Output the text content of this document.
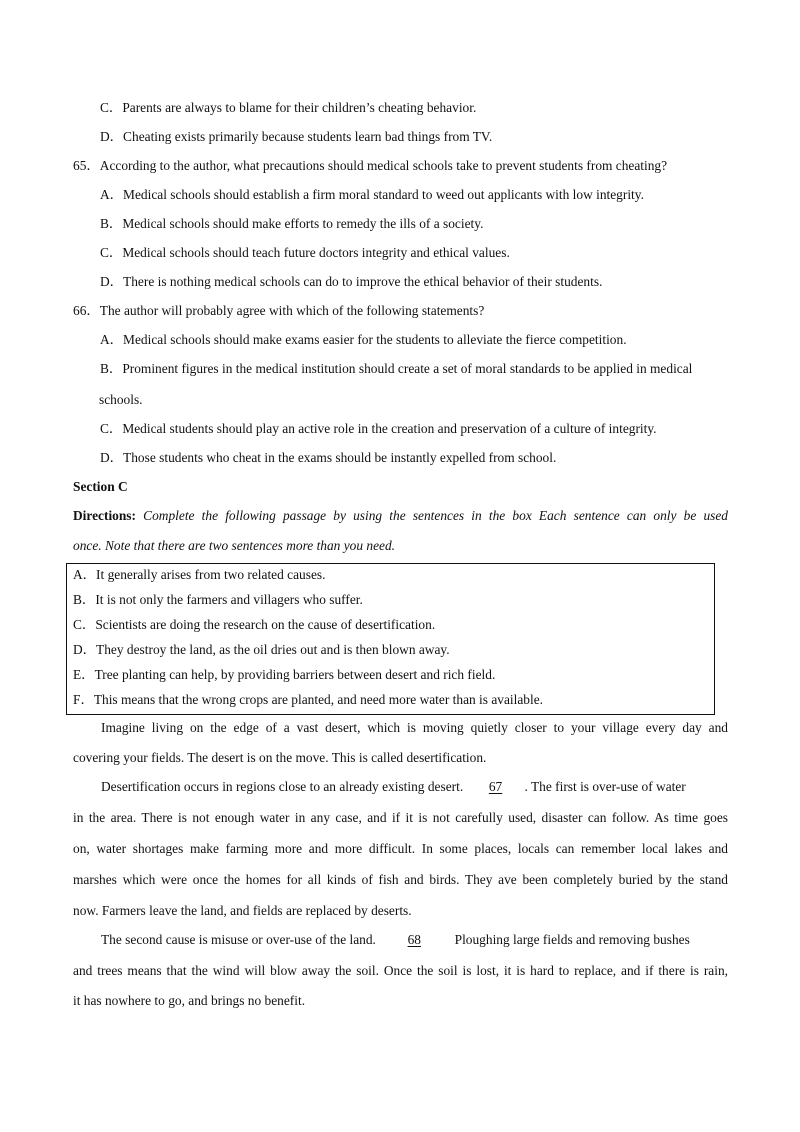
C．Parents are always to blame for their children’s cheating behavior.
D．Cheating exists primarily because students learn bad things from TV.
65．According to the author, what precautions should medical schools take to prevent students from cheating?
A．Medical schools should establish a firm moral standard to weed out applicants with low integrity.
B．Medical schools should make efforts to remedy the ills of a society.
C．Medical schools should teach future doctors integrity and ethical values.
D．There is nothing medical schools can do to improve the ethical behavior of their students.
66．The author will probably agree with which of the following statements?
A．Medical schools should make exams easier for the students to alleviate the fierce competition.
B．Prominent figures in the medical institution should create a set of moral standards to be applied in medical
schools.
C．Medical students should play an active role in the creation and preservation of a culture of integrity.
D．Those students who cheat in the exams should be instantly expelled from school.
Section C
Directions: Complete the following passage by using the sentences in the box Each sentence can only be used
once. Note that there are two sentences more than you need.
A．It generally arises from two related causes.
B．It is not only the farmers and villagers who suffer.
C．Scientists are doing the research on the cause of desertification.
D．They destroy the land, as the oil dries out and is then blown away.
E．Tree planting can help, by providing barriers between desert and rich field.
F．This means that the wrong crops are planted, and need more water than is available.
Imagine living on the edge of a vast desert, which is moving quietly closer to your village every day and
covering your fields. The desert is on the move. This is called desertification.
Desertification occurs in regions close to an already existing desert. 67 . The first is over-use of water
in the area. There is not enough water in any case, and if it is not carefully used, disaster can follow. As time goes
on, water shortages make farming more and more difficult. In some places, locals can remember local lakes and
marshes which were once the homes for all kinds of fish and birds. They ave been completely buried by the stand
now. Farmers leave the land, and fields are replaced by deserts.
The second cause is misuse or over-use of the land. 68	Ploughing large fields and removing bushes
and trees means that the wind will blow away the soil. Once the soil is lost, it is hard to replace, and if there is rain,
it has nowhere to go, and brings no benefit.
